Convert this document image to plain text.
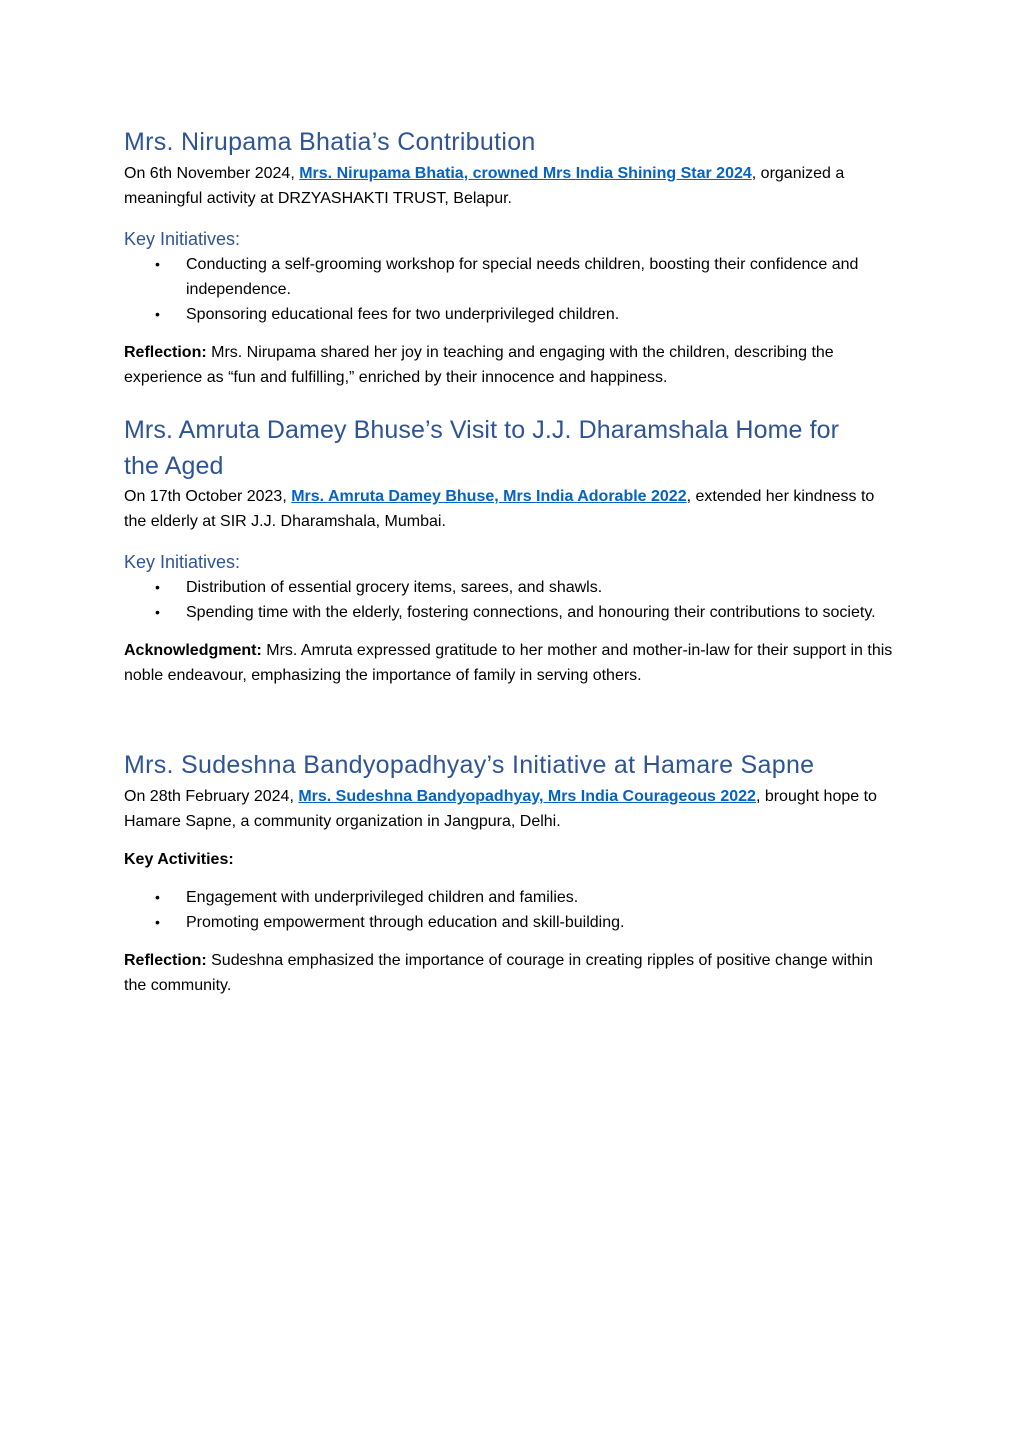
Mrs. Nirupama Bhatia’s Contribution

On 6th November 2024, Mrs. Nirupama Bhatia, crowned Mrs India Shining Star 2024, organized a meaningful activity at DRZYASHAKTI TRUST, Belapur.

Key Initiatives:
• Conducting a self-grooming workshop for special needs children, boosting their confidence and independence.
• Sponsoring educational fees for two underprivileged children.

Reflection: Mrs. Nirupama shared her joy in teaching and engaging with the children, describing the experience as “fun and fulfilling,” enriched by their innocence and happiness.

Mrs. Amruta Damey Bhuse’s Visit to J.J. Dharamshala Home for the Aged

On 17th October 2023, Mrs. Amruta Damey Bhuse, Mrs India Adorable 2022, extended her kindness to the elderly at SIR J.J. Dharamshala, Mumbai.

Key Initiatives:
• Distribution of essential grocery items, sarees, and shawls.
• Spending time with the elderly, fostering connections, and honouring their contributions to society.

Acknowledgment: Mrs. Amruta expressed gratitude to her mother and mother-in-law for their support in this noble endeavour, emphasizing the importance of family in serving others.

Mrs. Sudeshna Bandyopadhyay’s Initiative at Hamare Sapne

On 28th February 2024, Mrs. Sudeshna Bandyopadhyay, Mrs India Courageous 2022, brought hope to Hamare Sapne, a community organization in Jangpura, Delhi.

Key Activities:

• Engagement with underprivileged children and families.
• Promoting empowerment through education and skill-building.

Reflection: Sudeshna emphasized the importance of courage in creating ripples of positive change within the community.
